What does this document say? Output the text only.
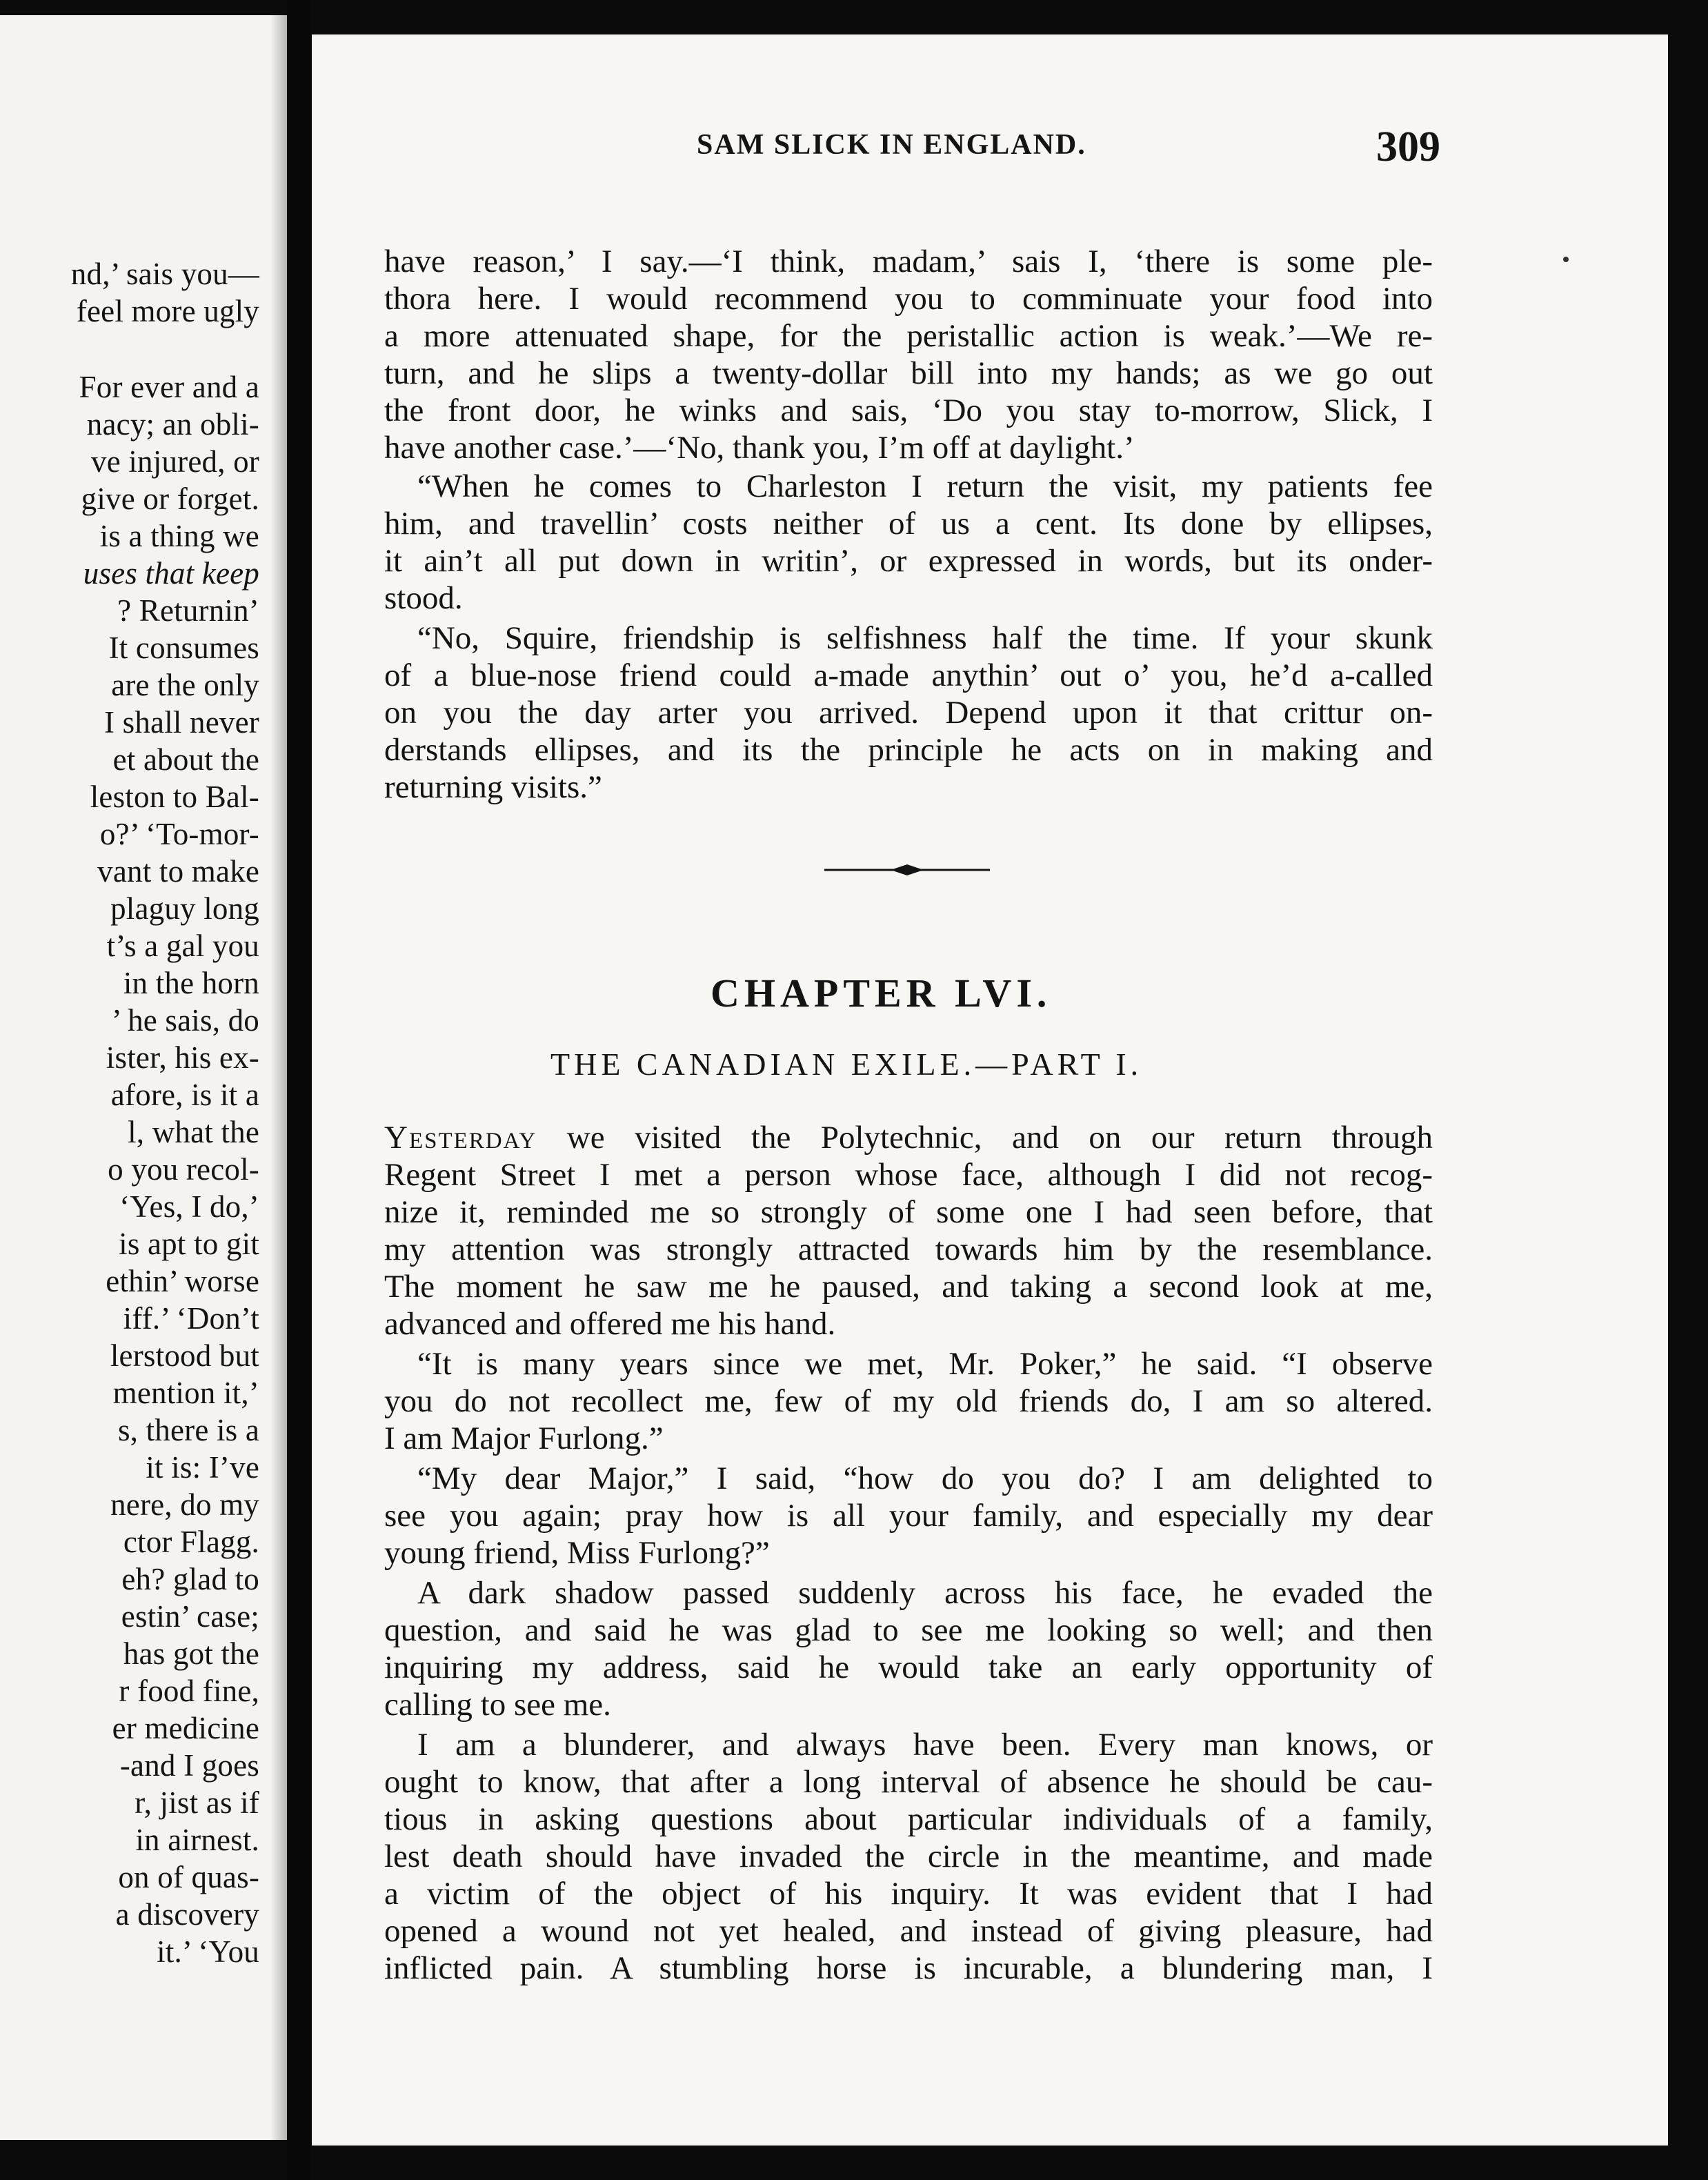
nd,’ sais you—
feel more ugly
For ever and a
nacy; an obli-
ve injured, or
give or forget.
is a thing we
uses that keep
? Returnin’
It consumes
are the only
I shall never
et about the
leston to Bal-
o?’ ‘To-mor-
vant to make
plaguy long
t’s a gal you
in the horn
’ he sais, do
ister, his ex-
afore, is it a
l, what the
o you recol-
‘Yes, I do,’
is apt to git
ethin’ worse
iff.’ ‘Don’t
lerstood but
mention it,’
s, there is a
it is: I’ve
nere, do my
ctor Flagg.
eh? glad to
estin’ case;
has got the
r food fine,
er medicine
-and I goes
r, jist as if
in airnest.
on of quas-
a discovery
it.’ ‘You
SAM SLICK IN ENGLAND.	309
have reason,’ I say.—‘I think, madam,’ sais I, ‘there is some ple-
thora here. I would recommend you to comminuate your food into
a more attenuated shape, for the peristallic action is weak.’—We re-
turn, and he slips a twenty-dollar bill into my hands; as we go out
the front door, he winks and sais, ‘Do you stay to-morrow, Slick, I
have another case.’—‘No, thank you, I’m off at daylight.’
“When he comes to Charleston I return the visit, my patients fee
him, and travellin’ costs neither of us a cent. Its done by ellipses,
it ain’t all put down in writin’, or expressed in words, but its onder-
stood.
“No, Squire, friendship is selfishness half the time. If your skunk
of a blue-nose friend could a-made anythin’ out o’ you, he’d a-called
on you the day arter you arrived. Depend upon it that crittur on-
derstands ellipses, and its the principle he acts on in making and
returning visits.”
CHAPTER LVI.
THE CANADIAN EXILE.—PART I.
Yesterday we visited the Polytechnic, and on our return through
Regent Street I met a person whose face, although I did not recog-
nize it, reminded me so strongly of some one I had seen before, that
my attention was strongly attracted towards him by the resemblance.
The moment he saw me he paused, and taking a second look at me,
advanced and offered me his hand.
“It is many years since we met, Mr. Poker,” he said. “I observe
you do not recollect me, few of my old friends do, I am so altered.
I am Major Furlong.”
“My dear Major,” I said, “how do you do? I am delighted to
see you again; pray how is all your family, and especially my dear
young friend, Miss Furlong?”
A dark shadow passed suddenly across his face, he evaded the
question, and said he was glad to see me looking so well; and then
inquiring my address, said he would take an early opportunity of
calling to see me.
I am a blunderer, and always have been. Every man knows, or
ought to know, that after a long interval of absence he should be cau-
tious in asking questions about particular individuals of a family,
lest death should have invaded the circle in the meantime, and made
a victim of the object of his inquiry. It was evident that I had
opened a wound not yet healed, and instead of giving pleasure, had
inflicted pain. A stumbling horse is incurable, a blundering man, I
